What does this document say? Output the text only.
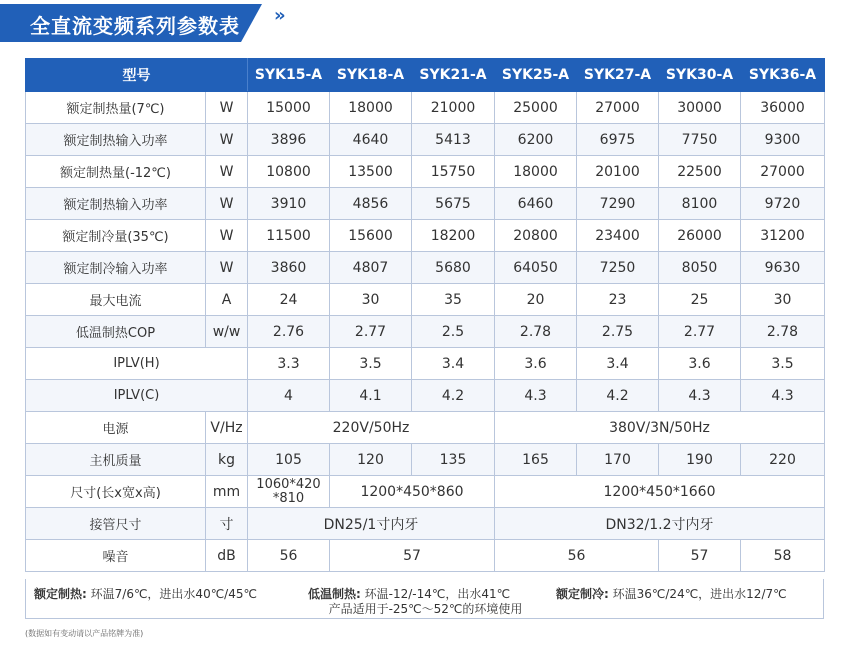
全直流变频系列参数表 »
型号		SYK15-A	SYK18-A	SYK21-A	SYK25-A	SYK27-A	SYK30-A	SYK36-A
额定制热量(7℃)	W	15000	18000	21000	25000	27000	30000	36000
额定制热输入功率	W	3896	4640	5413	6200	6975	7750	9300
额定制热量(-12℃)	W	10800	13500	15750	18000	20100	22500	27000
额定制热输入功率	W	3910	4856	5675	6460	7290	8100	9720
额定制冷量(35℃)	W	11500	15600	18200	20800	23400	26000	31200
额定制冷输入功率	W	3860	4807	5680	64050	7250	8050	9630
最大电流	A	24	30	35	20	23	25	30
低温制热COP	w/w	2.76	2.77	2.5	2.78	2.75	2.77	2.78
IPLV(H)		3.3	3.5	3.4	3.6	3.4	3.6	3.5
IPLV(C)		4	4.1	4.2	4.3	4.2	4.3	4.3
电源	V/Hz	220V/50Hz			380V/3N/50Hz			
主机质量	kg	105	120	135	165	170	190	220
尺寸(长x宽x高)	mm	1060*420
*810	1200*450*860		1200*450*1660			
接管尺寸	寸	DN25/1寸内牙			DN32/1.2寸内牙			
噪音	dB	56	57		56		57	58
额定制热: 环温7/6℃，进出水40℃/45℃	低温制热: 环温-12/-14℃，出水41℃	额定制冷: 环温36℃/24℃，进出水12/7℃
产品适用于-25℃～52℃的环境使用
(数据如有变动请以产品铭牌为准)
